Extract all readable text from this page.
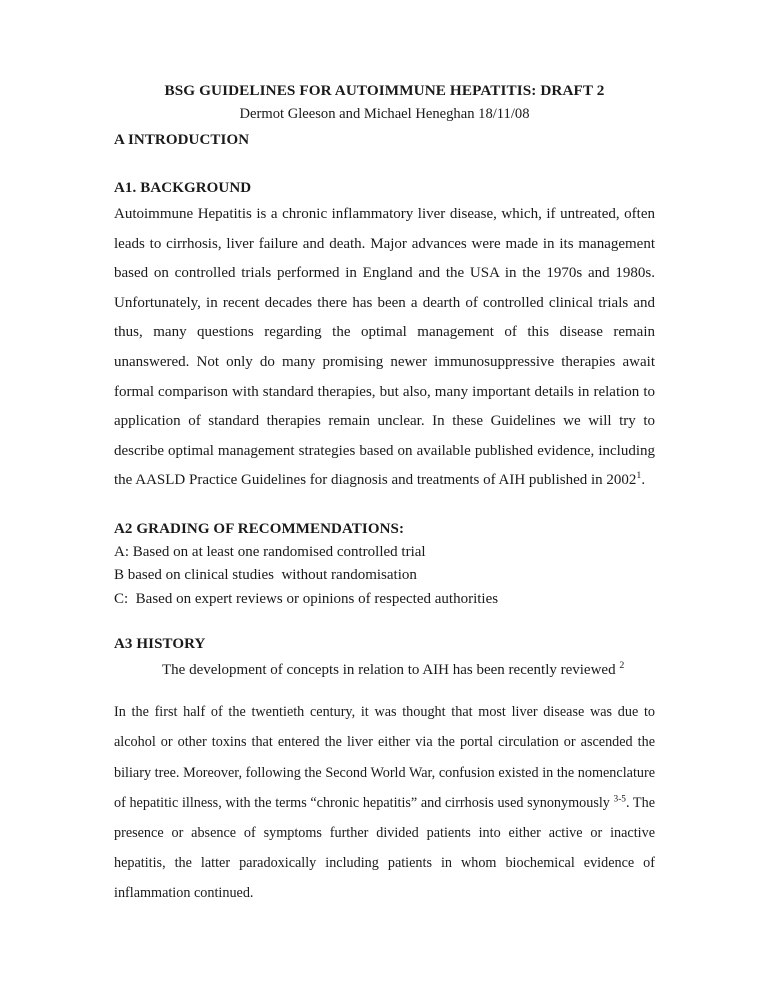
BSG GUIDELINES FOR AUTOIMMUNE HEPATITIS: DRAFT 2
Dermot Gleeson and Michael Heneghan 18/11/08
A INTRODUCTION
A1. BACKGROUND

Autoimmune Hepatitis is a chronic inflammatory liver disease, which, if untreated, often leads to cirrhosis, liver failure and death. Major advances were made in its management based on controlled trials performed in England and the USA in the 1970s and 1980s. Unfortunately, in recent decades there has been a dearth of controlled clinical trials and thus, many questions regarding the optimal management of this disease remain unanswered. Not only do many promising newer immunosuppressive therapies await formal comparison with standard therapies, but also, many important details in relation to application of standard therapies remain unclear. In these Guidelines we will try to describe optimal management strategies based on available published evidence, including the AASLD Practice Guidelines for diagnosis and treatments of AIH published in 2002$^1$.

A2 GRADING OF RECOMMENDATIONS:

A: Based on at least one randomised controlled trial

B based on clinical studies  without randomisation

C:  Based on expert reviews or opinions of respected authorities

A3 HISTORY

The development of concepts in relation to AIH has been recently reviewed $^2$

In the first half of the twentieth century, it was thought that most liver disease was due to alcohol or other toxins that entered the liver either via the portal circulation or ascended the biliary tree. Moreover, following the Second World War, confusion existed in the nomenclature of hepatitic illness, with the terms “chronic hepatitis” and cirrhosis used synonymously $^{3-5}$. The presence or absence of symptoms further divided patients into either active or inactive hepatitis, the latter paradoxically including patients in whom biochemical evidence of inflammation continued.
